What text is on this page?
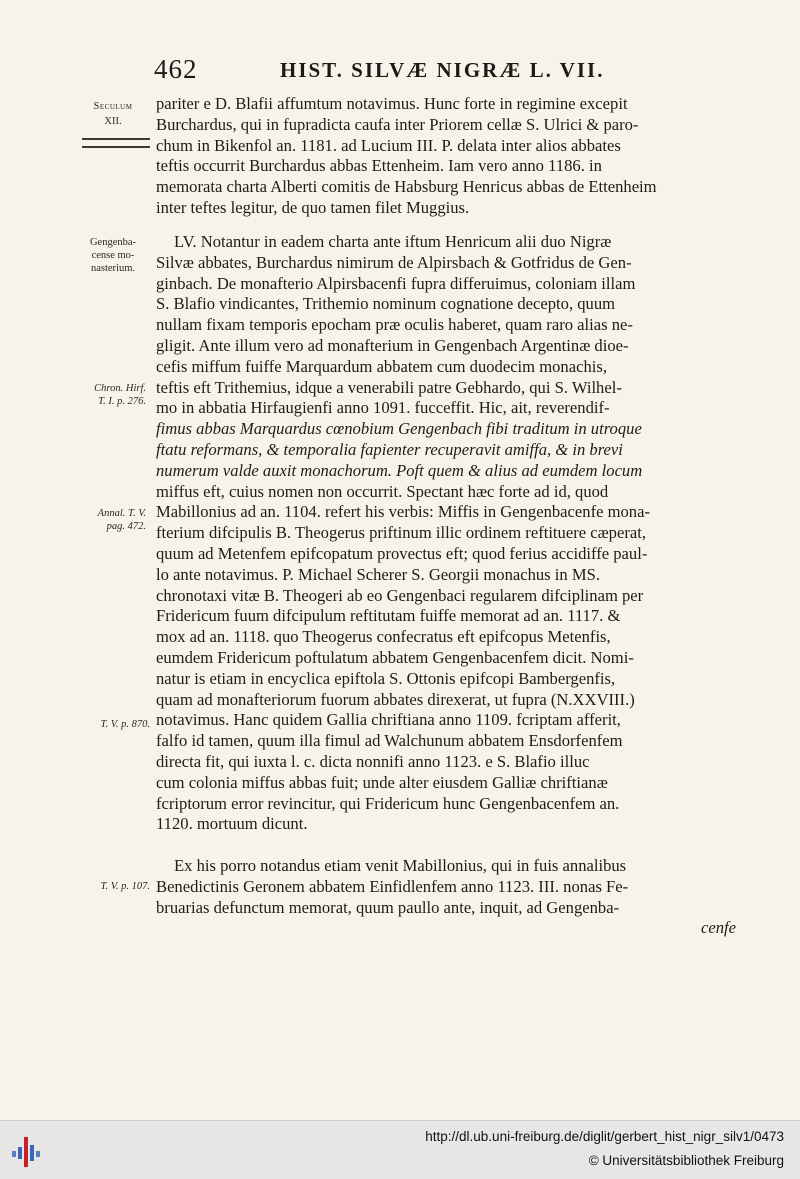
462	HIST. SILVÆ NIGRÆ L. VII.
Seculum
XII.
Gengenba-
cense mo-
nasterium.
Chron. Hirf.
T. I. p. 276.
Annal. T. V.
pag. 472.
T. V. p. 870.
T. V. p. 107.
pariter e D. Blafii affumtum notavimus. Hunc forte in regimine excepit
Burchardus, qui in fupradicta caufa inter Priorem cellæ S. Ulrici & paro-
chum in Bikenfol an. 1181. ad Lucium III. P. delata inter alios abbates
teftis occurrit Burchardus abbas Ettenheim. Iam vero anno 1186. in
memorata charta Alberti comitis de Habsburg Henricus abbas de Ettenheim
inter teftes legitur, de quo tamen filet Muggius.
LV. Notantur in eadem charta ante iftum Henricum alii duo Nigræ
Silvæ abbates, Burchardus nimirum de Alpirsbach & Gotfridus de Gen-
ginbach. De monafterio Alpirsbacenfi fupra differuimus, coloniam illam
S. Blafio vindicantes, Trithemio nominum cognatione decepto, quum
nullam fixam temporis epocham præ oculis haberet, quam raro alias ne-
gligit. Ante illum vero ad monafterium in Gengenbach Argentinæ dioe-
cefis miffum fuiffe Marquardum abbatem cum duodecim monachis,
teftis eft Trithemius, idque a venerabili patre Gebhardo, qui S. Wilhel-
mo in abbatia Hirfaugienfi anno 1091. fucceffit. Hic, ait, reverendif-
fimus abbas Marquardus cœnobium Gengenbach fibi traditum in utroque
ftatu reformans, & temporalia fapienter recuperavit amiffa, & in brevi
numerum valde auxit monachorum. Poft quem & alius ad eumdem locum
miffus eft, cuius nomen non occurrit. Spectant hæc forte ad id, quod
Mabillonius ad an. 1104. refert his verbis: Miffis in Gengenbacenfe mona-
fterium difcipulis B. Theogerus priftinum illic ordinem reftituere cæperat,
quum ad Metenfem epifcopatum provectus eft; quod ferius accidiffe paul-
lo ante notavimus. P. Michael Scherer S. Georgii monachus in MS.
chronotaxi vitæ B. Theogeri ab eo Gengenbaci regularem difciplinam per
Fridericum fuum difcipulum reftitutam fuiffe memorat ad an. 1117. &
mox ad an. 1118. quo Theogerus confecratus eft epifcopus Metenfis,
eumdem Fridericum poftulatum abbatem Gengenbacenfem dicit. Nomi-
natur is etiam in encyclica epiftola S. Ottonis epifcopi Bambergenfis,
quam ad monafteriorum fuorum abbates direxerat, ut fupra (N.XXVIII.)
notavimus. Hanc quidem Gallia chriftiana anno 1109. fcriptam afferit,
falfo id tamen, quum illa fimul ad Walchunum abbatem Ensdorfenfem
directa fit, qui iuxta l. c. dicta nonnifi anno 1123. e S. Blafio illuc
cum colonia miffus abbas fuit; unde alter eiusdem Galliæ chriftianæ
fcriptorum error revincitur, qui Fridericum hunc Gengenbacenfem an.
1120. mortuum dicunt.
Ex his porro notandus etiam venit Mabillonius, qui in fuis annalibus
Benedictinis Geronem abbatem Einfidlenfem anno 1123. III. nonas Fe-
bruarias defunctum memorat, quum paullo ante, inquit, ad Gengenba-
cenfe
http://dl.ub.uni-freiburg.de/diglit/gerbert_hist_nigr_silv1/0473
© Universitätsbibliothek Freiburg
